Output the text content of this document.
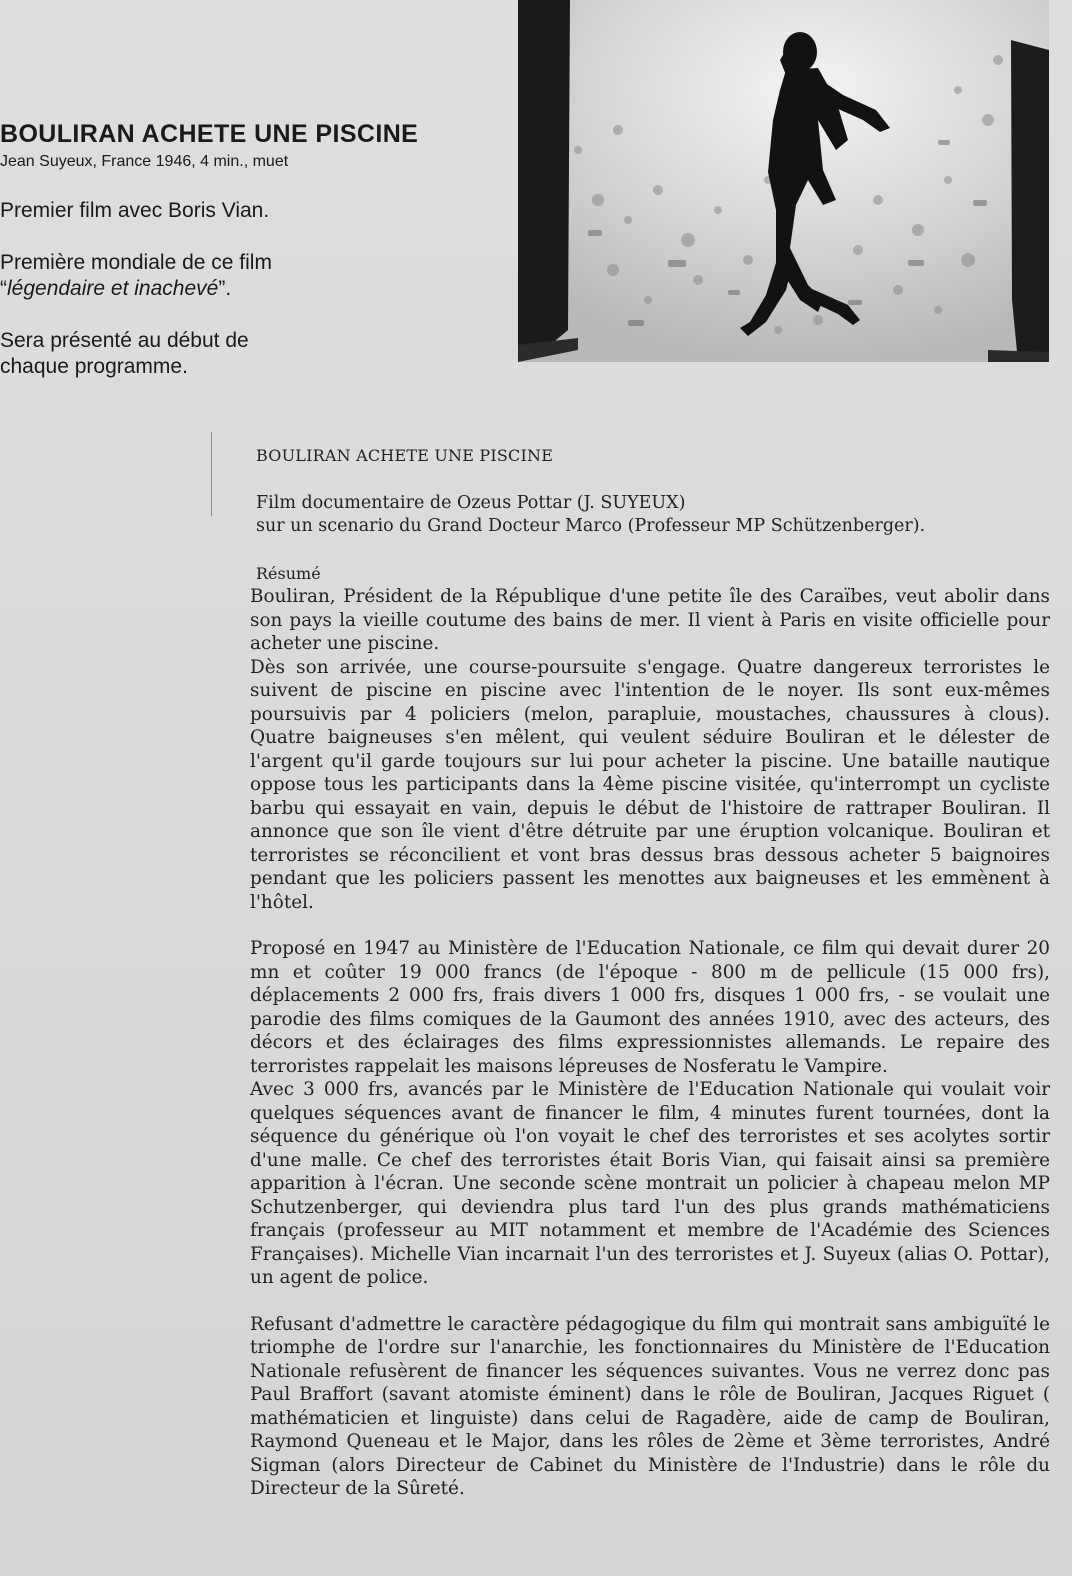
BOULIRAN ACHETE UNE PISCINE

Jean Suyeux, France 1946, 4 min., muet

Premier film avec Boris Vian.

Première mondiale de ce film
“légendaire et inachevé”.

Sera présenté au début de chaque programme.

BOULIRAN ACHETE UNE PISCINE
Film documentaire de Ozeus Pottar (J. SUYEUX)
sur un scenario du Grand Docteur Marco (Professeur MP Schützenberger).
Résumé

Bouliran, Président de la République d'une petite île des Caraïbes, veut abolir dans son pays la vieille coutume des bains de mer. Il vient à Paris en visite officielle pour acheter une piscine.

Dès son arrivée, une course-poursuite s'engage. Quatre dangereux terroristes le suivent de piscine en piscine avec l'intention de le noyer. Ils sont eux-mêmes poursuivis par 4 policiers (melon, parapluie, moustaches, chaussures à clous). Quatre baigneuses s'en mêlent, qui veulent séduire Bouliran et le délester de l'argent qu'il garde toujours sur lui pour acheter la piscine. Une bataille nautique oppose tous les participants dans la 4ème piscine visitée, qu'interrompt un cycliste barbu qui essayait en vain, depuis le début de l'histoire de rattraper Bouliran. Il annonce que son île vient d'être détruite par une éruption volcanique. Bouliran et terroristes se réconcilient et vont bras dessus bras dessous acheter 5 baignoires pendant que les policiers passent les menottes aux baigneuses et les emmènent à l'hôtel.

Proposé en 1947 au Ministère de l'Education Nationale, ce film qui devait durer 20 mn et coûter 19 000 francs (de l'époque - 800 m de pellicule (15 000 frs), déplacements 2 000 frs, frais divers 1 000 frs, disques 1 000 frs, - se voulait une parodie des films comiques de la Gaumont des années 1910, avec des acteurs, des décors et des éclairages des films expressionnistes allemands. Le repaire des terroristes rappelait les maisons lépreuses de Nosferatu le Vampire.

Avec 3 000 frs, avancés par le Ministère de l'Education Nationale qui voulait voir quelques séquences avant de financer le film, 4 minutes furent tournées, dont la séquence du générique où l'on voyait le chef des terroristes et ses acolytes sortir d'une malle. Ce chef des terroristes était Boris Vian, qui faisait ainsi sa première apparition à l'écran. Une seconde scène montrait un policier à chapeau melon MP Schutzenberger, qui deviendra plus tard l'un des plus grands mathématiciens français (professeur au MIT notamment et membre de l'Académie des Sciences Françaises). Michelle Vian incarnait l'un des terroristes et J. Suyeux (alias O. Pottar), un agent de police.

Refusant d'admettre le caractère pédagogique du film qui montrait sans ambiguïté le triomphe de l'ordre sur l'anarchie, les fonctionnaires du Ministère de l'Education Nationale refusèrent de financer les séquences suivantes. Vous ne verrez donc pas Paul Braffort (savant atomiste éminent) dans le rôle de Bouliran, Jacques Riguet ( mathématicien et linguiste) dans celui de Ragadère, aide de camp de Bouliran, Raymond Queneau et le Major, dans les rôles de 2ème et 3ème terroristes, André Sigman (alors Directeur de Cabinet du Ministère de l'Industrie) dans le rôle du Directeur de la Sûreté.
